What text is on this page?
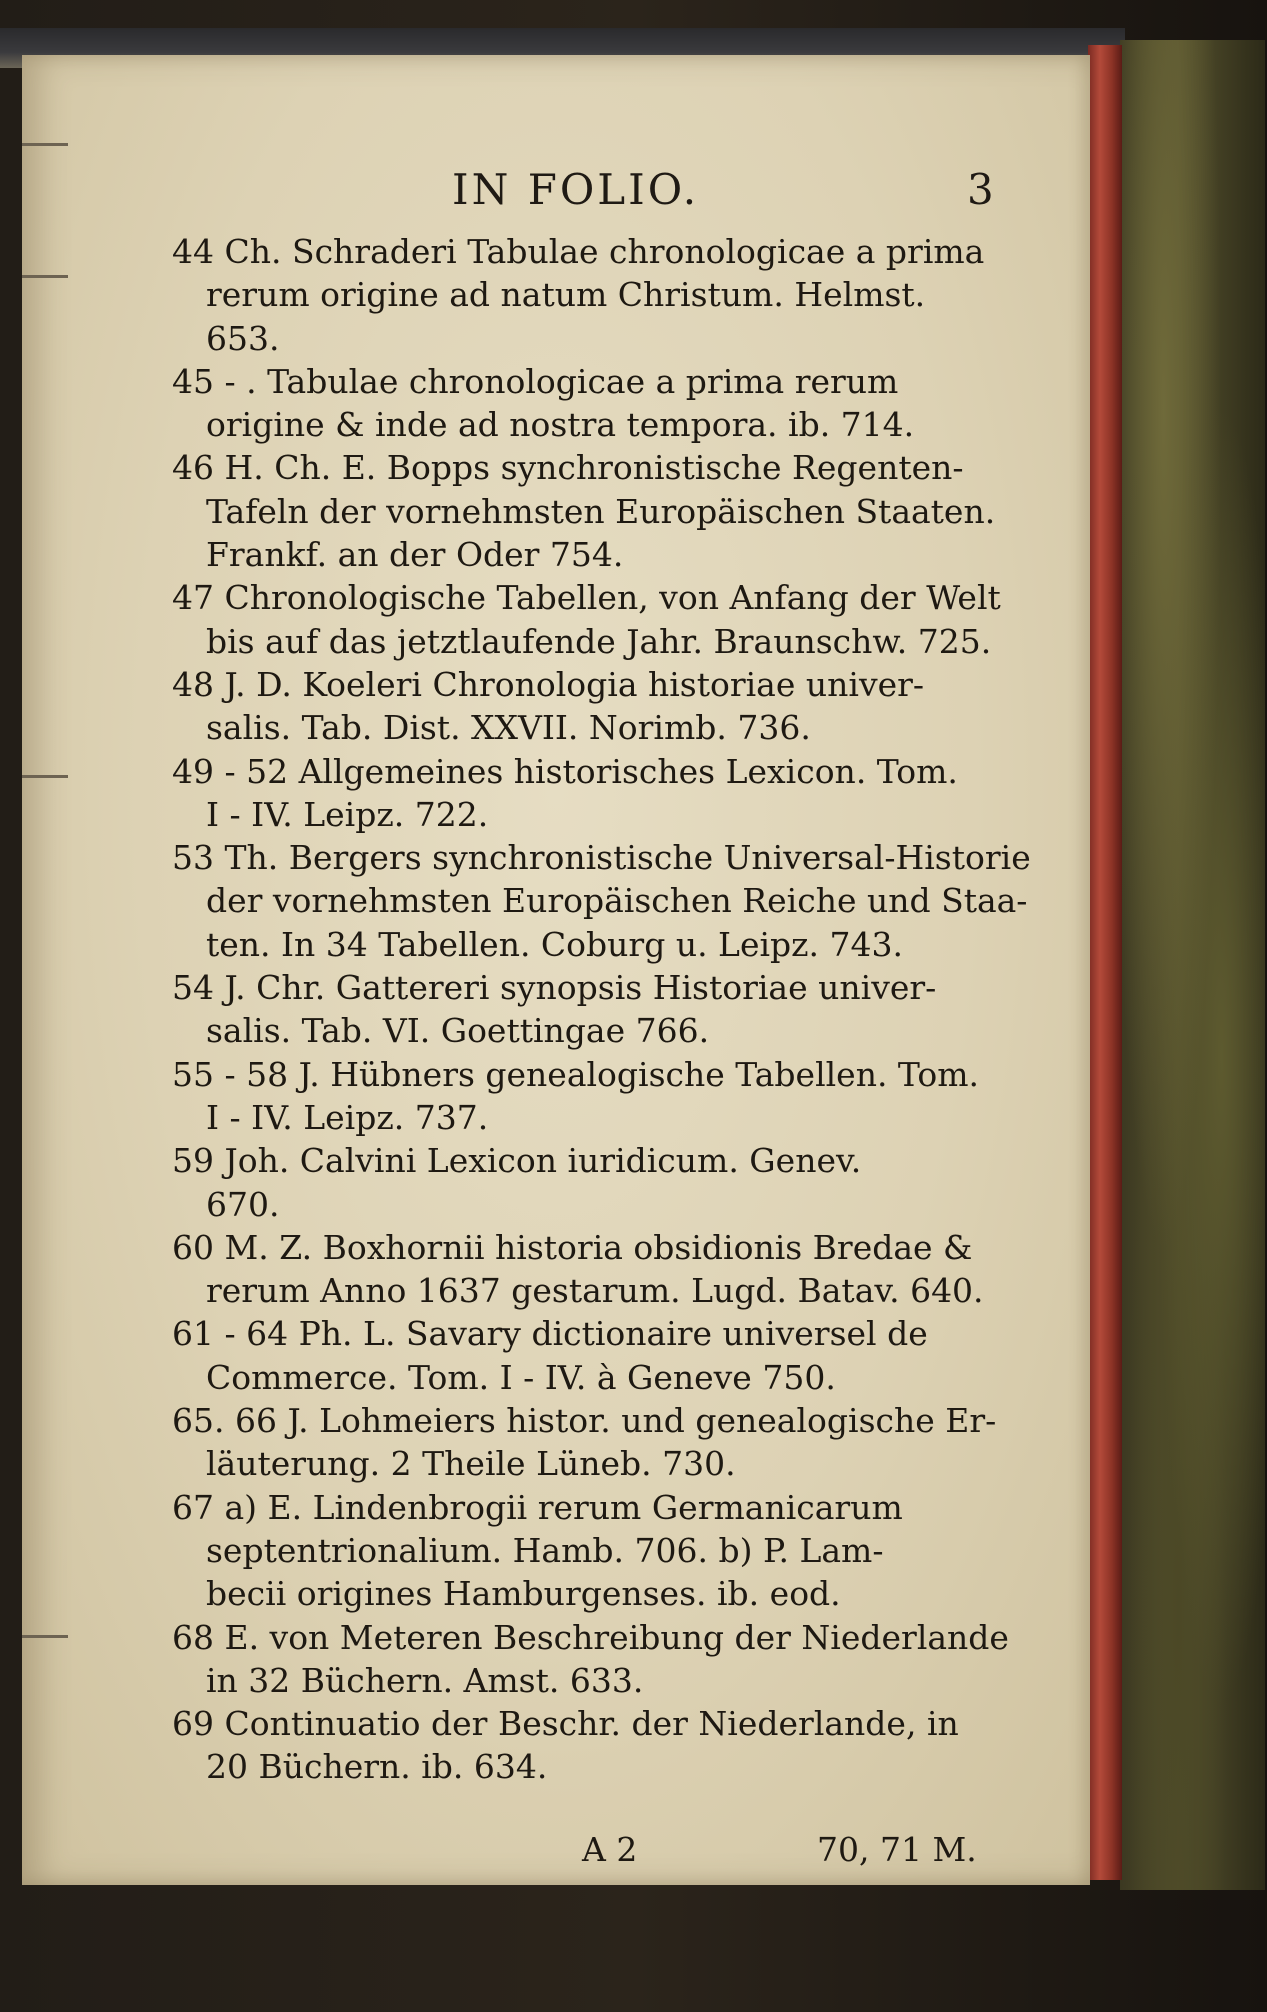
IN FOLIO.	3
44 Ch. Schraderi Tabulae chronologicae a prima
rerum origine ad natum Christum. Helmst.
653.
45 - . Tabulae chronologicae a prima rerum
origine & inde ad nostra tempora. ib. 714.
46 H. Ch. E. Bopps synchronistische Regenten-
Tafeln der vornehmsten Europäischen Staaten.
Frankf. an der Oder 754.
47 Chronologische Tabellen, von Anfang der Welt
bis auf das jetztlaufende Jahr. Braunschw. 725.
48 J. D. Koeleri Chronologia historiae univer-
salis. Tab. Dist. XXVII. Norimb. 736.
49 - 52 Allgemeines historisches Lexicon. Tom.
I - IV. Leipz. 722.
53 Th. Bergers synchronistische Universal-Historie
der vornehmsten Europäischen Reiche und Staa-
ten. In 34 Tabellen. Coburg u. Leipz. 743.
54 J. Chr. Gattereri synopsis Historiae univer-
salis. Tab. VI. Goettingae 766.
55 - 58 J. Hübners genealogische Tabellen. Tom.
I - IV. Leipz. 737.
59 Joh. Calvini Lexicon iuridicum. Genev.
670.
60 M. Z. Boxhornii historia obsidionis Bredae &
rerum Anno 1637 gestarum. Lugd. Batav. 640.
61 - 64 Ph. L. Savary dictionaire universel de
Commerce. Tom. I - IV. à Geneve 750.
65. 66 J. Lohmeiers histor. und genealogische Er-
läuterung. 2 Theile Lüneb. 730.
67 a) E. Lindenbrogii rerum Germanicarum
septentrionalium. Hamb. 706. b) P. Lam-
becii origines Hamburgenses. ib. eod.
68 E. von Meteren Beschreibung der Niederlande
in 32 Büchern. Amst. 633.
69 Continuatio der Beschr. der Niederlande, in
20 Büchern. ib. 634.
A 2	70, 71 M.
